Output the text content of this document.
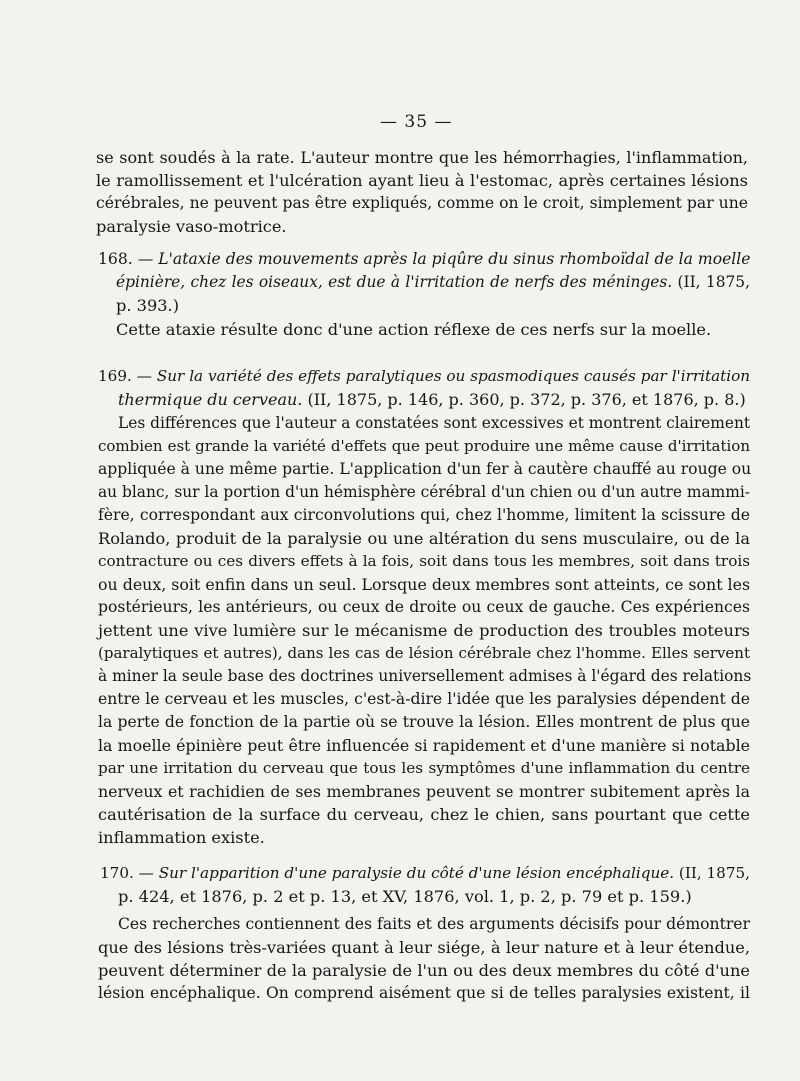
— 35 —
se sont soudés à la rate. L'auteur montre que les hémorrhagies, l'inflammation,
le ramollissement et l'ulcération ayant lieu à l'estomac, après certaines lésions
cérébrales, ne peuvent pas être expliqués, comme on le croit, simplement par une
paralysie vaso-motrice.
168. — L'ataxie des mouvements après la piqûre du sinus rhomboïdal de la moelle
épinière, chez les oiseaux, est due à l'irritation de nerfs des méninges. (II, 1875,
p. 393.)
Cette ataxie résulte donc d'une action réflexe de ces nerfs sur la moelle.
169. — Sur la variété des effets paralytiques ou spasmodiques causés par l'irritation
thermique du cerveau. (II, 1875, p. 146, p. 360, p. 372, p. 376, et 1876, p. 8.)
Les différences que l'auteur a constatées sont excessives et montrent clairement
combien est grande la variété d'effets que peut produire une même cause d'irritation
appliquée à une même partie. L'application d'un fer à cautère chauffé au rouge ou
au blanc, sur la portion d'un hémisphère cérébral d'un chien ou d'un autre mammi-
fère, correspondant aux circonvolutions qui, chez l'homme, limitent la scissure de
Rolando, produit de la paralysie ou une altération du sens musculaire, ou de la
contracture ou ces divers effets à la fois, soit dans tous les membres, soit dans trois
ou deux, soit enfin dans un seul. Lorsque deux membres sont atteints, ce sont les
postérieurs, les antérieurs, ou ceux de droite ou ceux de gauche. Ces expériences
jettent une vive lumière sur le mécanisme de production des troubles moteurs
(paralytiques et autres), dans les cas de lésion cérébrale chez l'homme. Elles servent
à miner la seule base des doctrines universellement admises à l'égard des relations
entre le cerveau et les muscles, c'est-à-dire l'idée que les paralysies dépendent de
la perte de fonction de la partie où se trouve la lésion. Elles montrent de plus que
la moelle épinière peut être influencée si rapidement et d'une manière si notable
par une irritation du cerveau que tous les symptômes d'une inflammation du centre
nerveux et rachidien de ses membranes peuvent se montrer subitement après la
cautérisation de la surface du cerveau, chez le chien, sans pourtant que cette
inflammation existe.
170. — Sur l'apparition d'une paralysie du côté d'une lésion encéphalique. (II, 1875,
p. 424, et 1876, p. 2 et p. 13, et XV, 1876, vol. 1, p. 2, p. 79 et p. 159.)
Ces recherches contiennent des faits et des arguments décisifs pour démontrer
que des lésions très-variées quant à leur siége, à leur nature et à leur étendue,
peuvent déterminer de la paralysie de l'un ou des deux membres du côté d'une
lésion encéphalique. On comprend aisément que si de telles paralysies existent, il
